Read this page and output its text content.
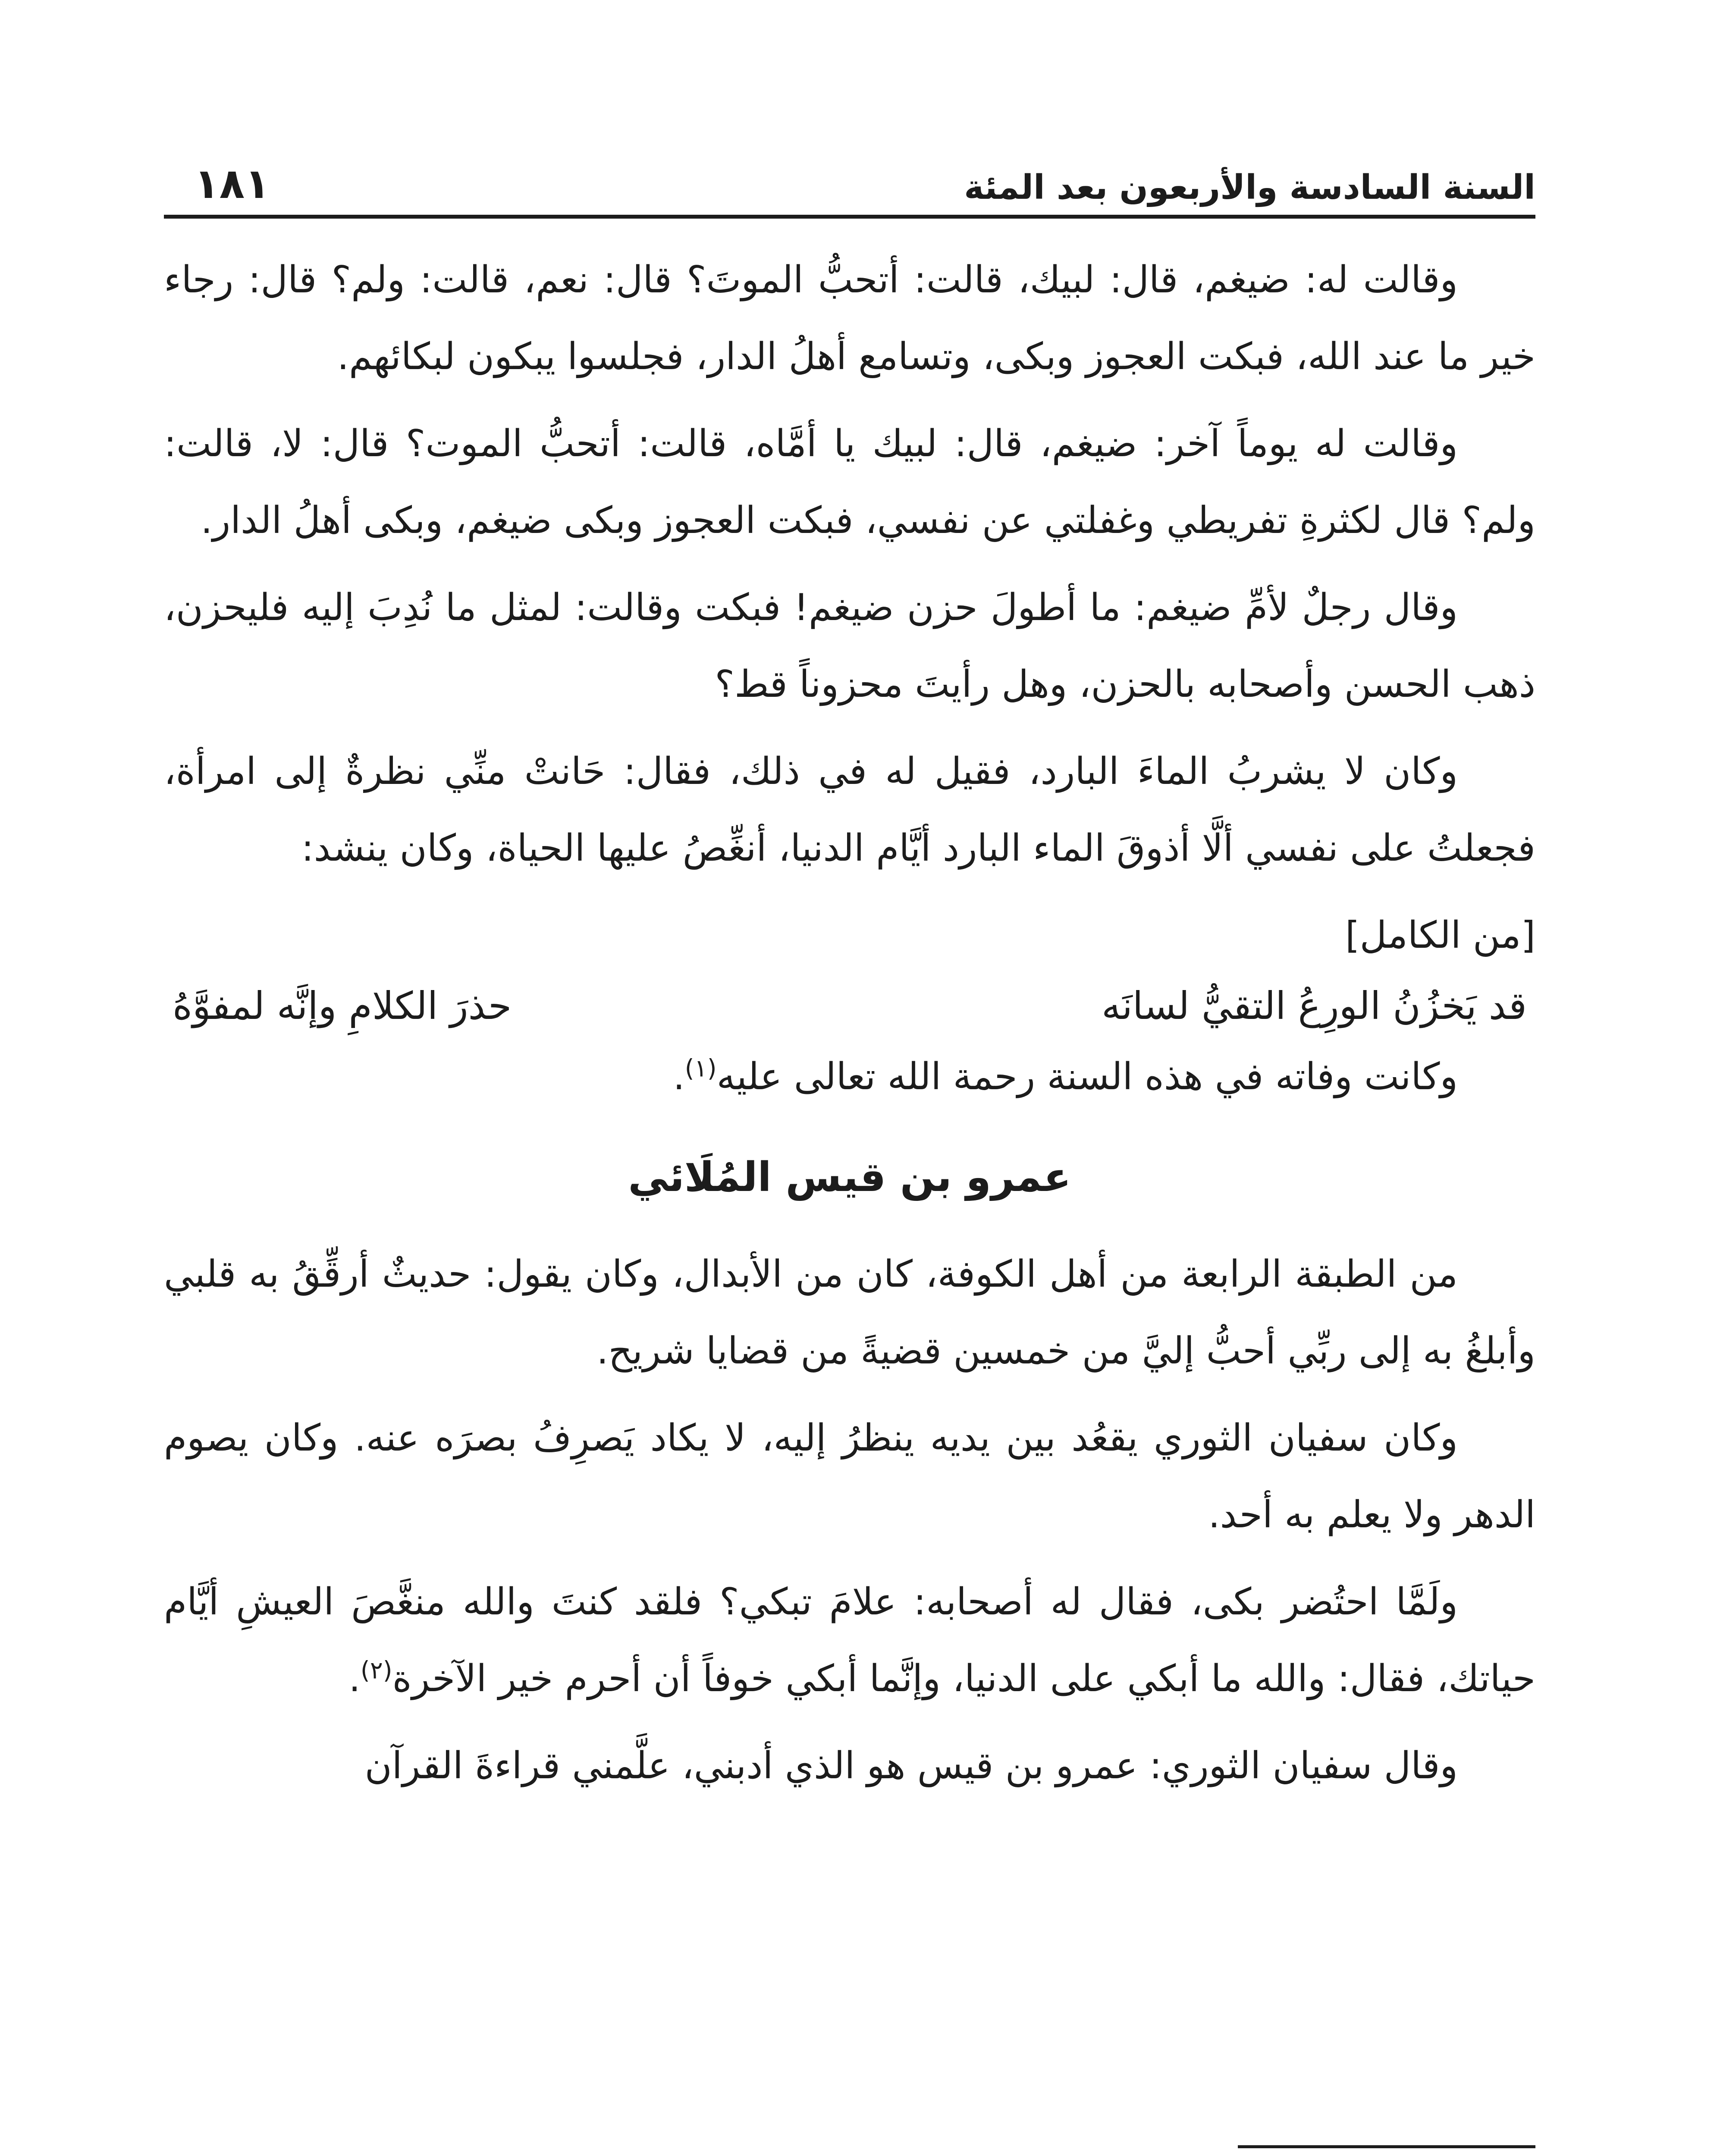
السنة السادسة والأربعون بعد المئة
١٨١

وقالت له: ضيغم، قال: لبيك، قالت: أتحبُّ الموتَ؟ قال: نعم، قالت: ولم؟ قال: رجاء خير ما عند الله، فبكت العجوز وبكى، وتسامع أهلُ الدار، فجلسوا يبكون لبكائهم.

وقالت له يوماً آخر: ضيغم، قال: لبيك يا أمَّاه، قالت: أتحبُّ الموت؟ قال: لا، قالت: ولم؟ قال لكثرةِ تفريطي وغفلتي عن نفسي، فبكت العجوز وبكى ضيغم، وبكى أهلُ الدار.

وقال رجلٌ لأمِّ ضيغم: ما أطولَ حزن ضيغم! فبكت وقالت: لمثل ما نُدِبَ إليه فليحزن، ذهب الحسن وأصحابه بالحزن، وهل رأيتَ محزوناً قط؟

وكان لا يشربُ الماءَ البارد، فقيل له في ذلك، فقال: حَانتْ منِّي نظرةٌ إلى امرأة، فجعلتُ على نفسي ألَّا أذوقَ الماء البارد أيَّام الدنيا، أنغِّصُ عليها الحياة، وكان ينشد:

[من الكامل]

قد يَخزُنُ الورِعُ التقيُّ لسانَه
حذرَ الكلامِ وإنَّه لمفوَّهُ

وكانت وفاته في هذه السنة رحمة الله تعالى عليه$^{(١)}$.

عمرو بن قيس المُلَائي

من الطبقة الرابعة من أهل الكوفة، كان من الأبدال، وكان يقول: حديثٌ أرقِّقُ به قلبي وأبلغُ به إلى ربِّي أحبُّ إليَّ من خمسين قضيةً من قضايا شريح.

وكان سفيان الثوري يقعُد بين يديه ينظرُ إليه، لا يكاد يَصرِفُ بصرَه عنه. وكان يصوم الدهر ولا يعلم به أحد.

ولَمَّا احتُضر بكى، فقال له أصحابه: علامَ تبكي؟ فلقد كنتَ والله منغَّصَ العيشِ أيَّام حياتك، فقال: والله ما أبكي على الدنيا، وإنَّما أبكي خوفاً أن أحرم خير الآخرة$^{(٢)}$.

وقال سفيان الثوري: عمرو بن قيس هو الذي أدبني، علَّمني قراءةَ القرآن
